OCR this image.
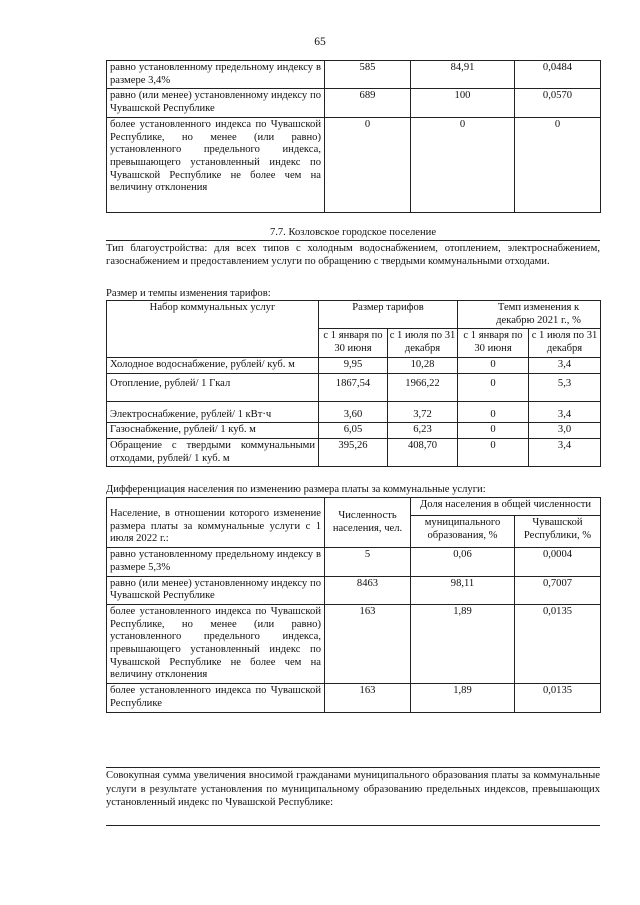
65
равно установленному предельному индексу в размере 3,4%	585	84,91	0,0484
равно (или менее) установленному индексу по Чувашской Республике	689	100	0,0570
более установленного индекса по Чувашской Республике, но менее (или равно) установленного предельного индекса, превышающего установленный индекс по Чувашской Республике не более чем на величину отклонения	0	0	0
7.7. Козловское городское поселение
Тип благоустройства: для всех типов с холодным водоснабжением, отоплением, электроснабжением, газоснабжением и предоставлением услуги по обращению с твердыми коммунальными отходами.
Размер и темпы изменения тарифов:
Набор коммунальных услуг	Размер тарифов		Темп изменения к декабрю 2021 г., %	
	с 1 января по 30 июня	с 1 июля по 31 декабря	с 1 января по 30 июня	с 1 июля по 31 декабря
Холодное водоснабжение, рублей/ куб. м	9,95	10,28	0	3,4
Отопление, рублей/ 1 Гкал	1867,54	1966,22	0	5,3
Электроснабжение, рублей/ 1 кВт·ч	3,60	3,72	0	3,4
Газоснабжение, рублей/ 1 куб. м	6,05	6,23	0	3,0
Обращение с твердыми коммунальными отходами, рублей/ 1 куб. м	395,26	408,70	0	3,4
Дифференциация населения по изменению размера платы за коммунальные услуги:
Население, в отношении которого изменение размера платы за коммунальные услуги с 1 июля 2022 г.:	Численность населения, чел.	Доля населения в общей численности	
		муниципального образования, %	Чувашской Республики, %
равно установленному предельному индексу в размере 5,3%	5	0,06	0,0004
равно (или менее) установленному индексу по Чувашской Республике	8463	98,11	0,7007
более установленного индекса по Чувашской Республике, но менее (или равно) установленного предельного индекса, превышающего установленный индекс по Чувашской Республике не более чем на величину отклонения	163	1,89	0,0135
более установленного индекса по Чувашской Республике	163	1,89	0,0135
Совокупная сумма увеличения вносимой гражданами муниципального образования платы за коммунальные услуги в результате установления по муниципальному образованию предельных индексов, превышающих установленный индекс по Чувашской Республике:
